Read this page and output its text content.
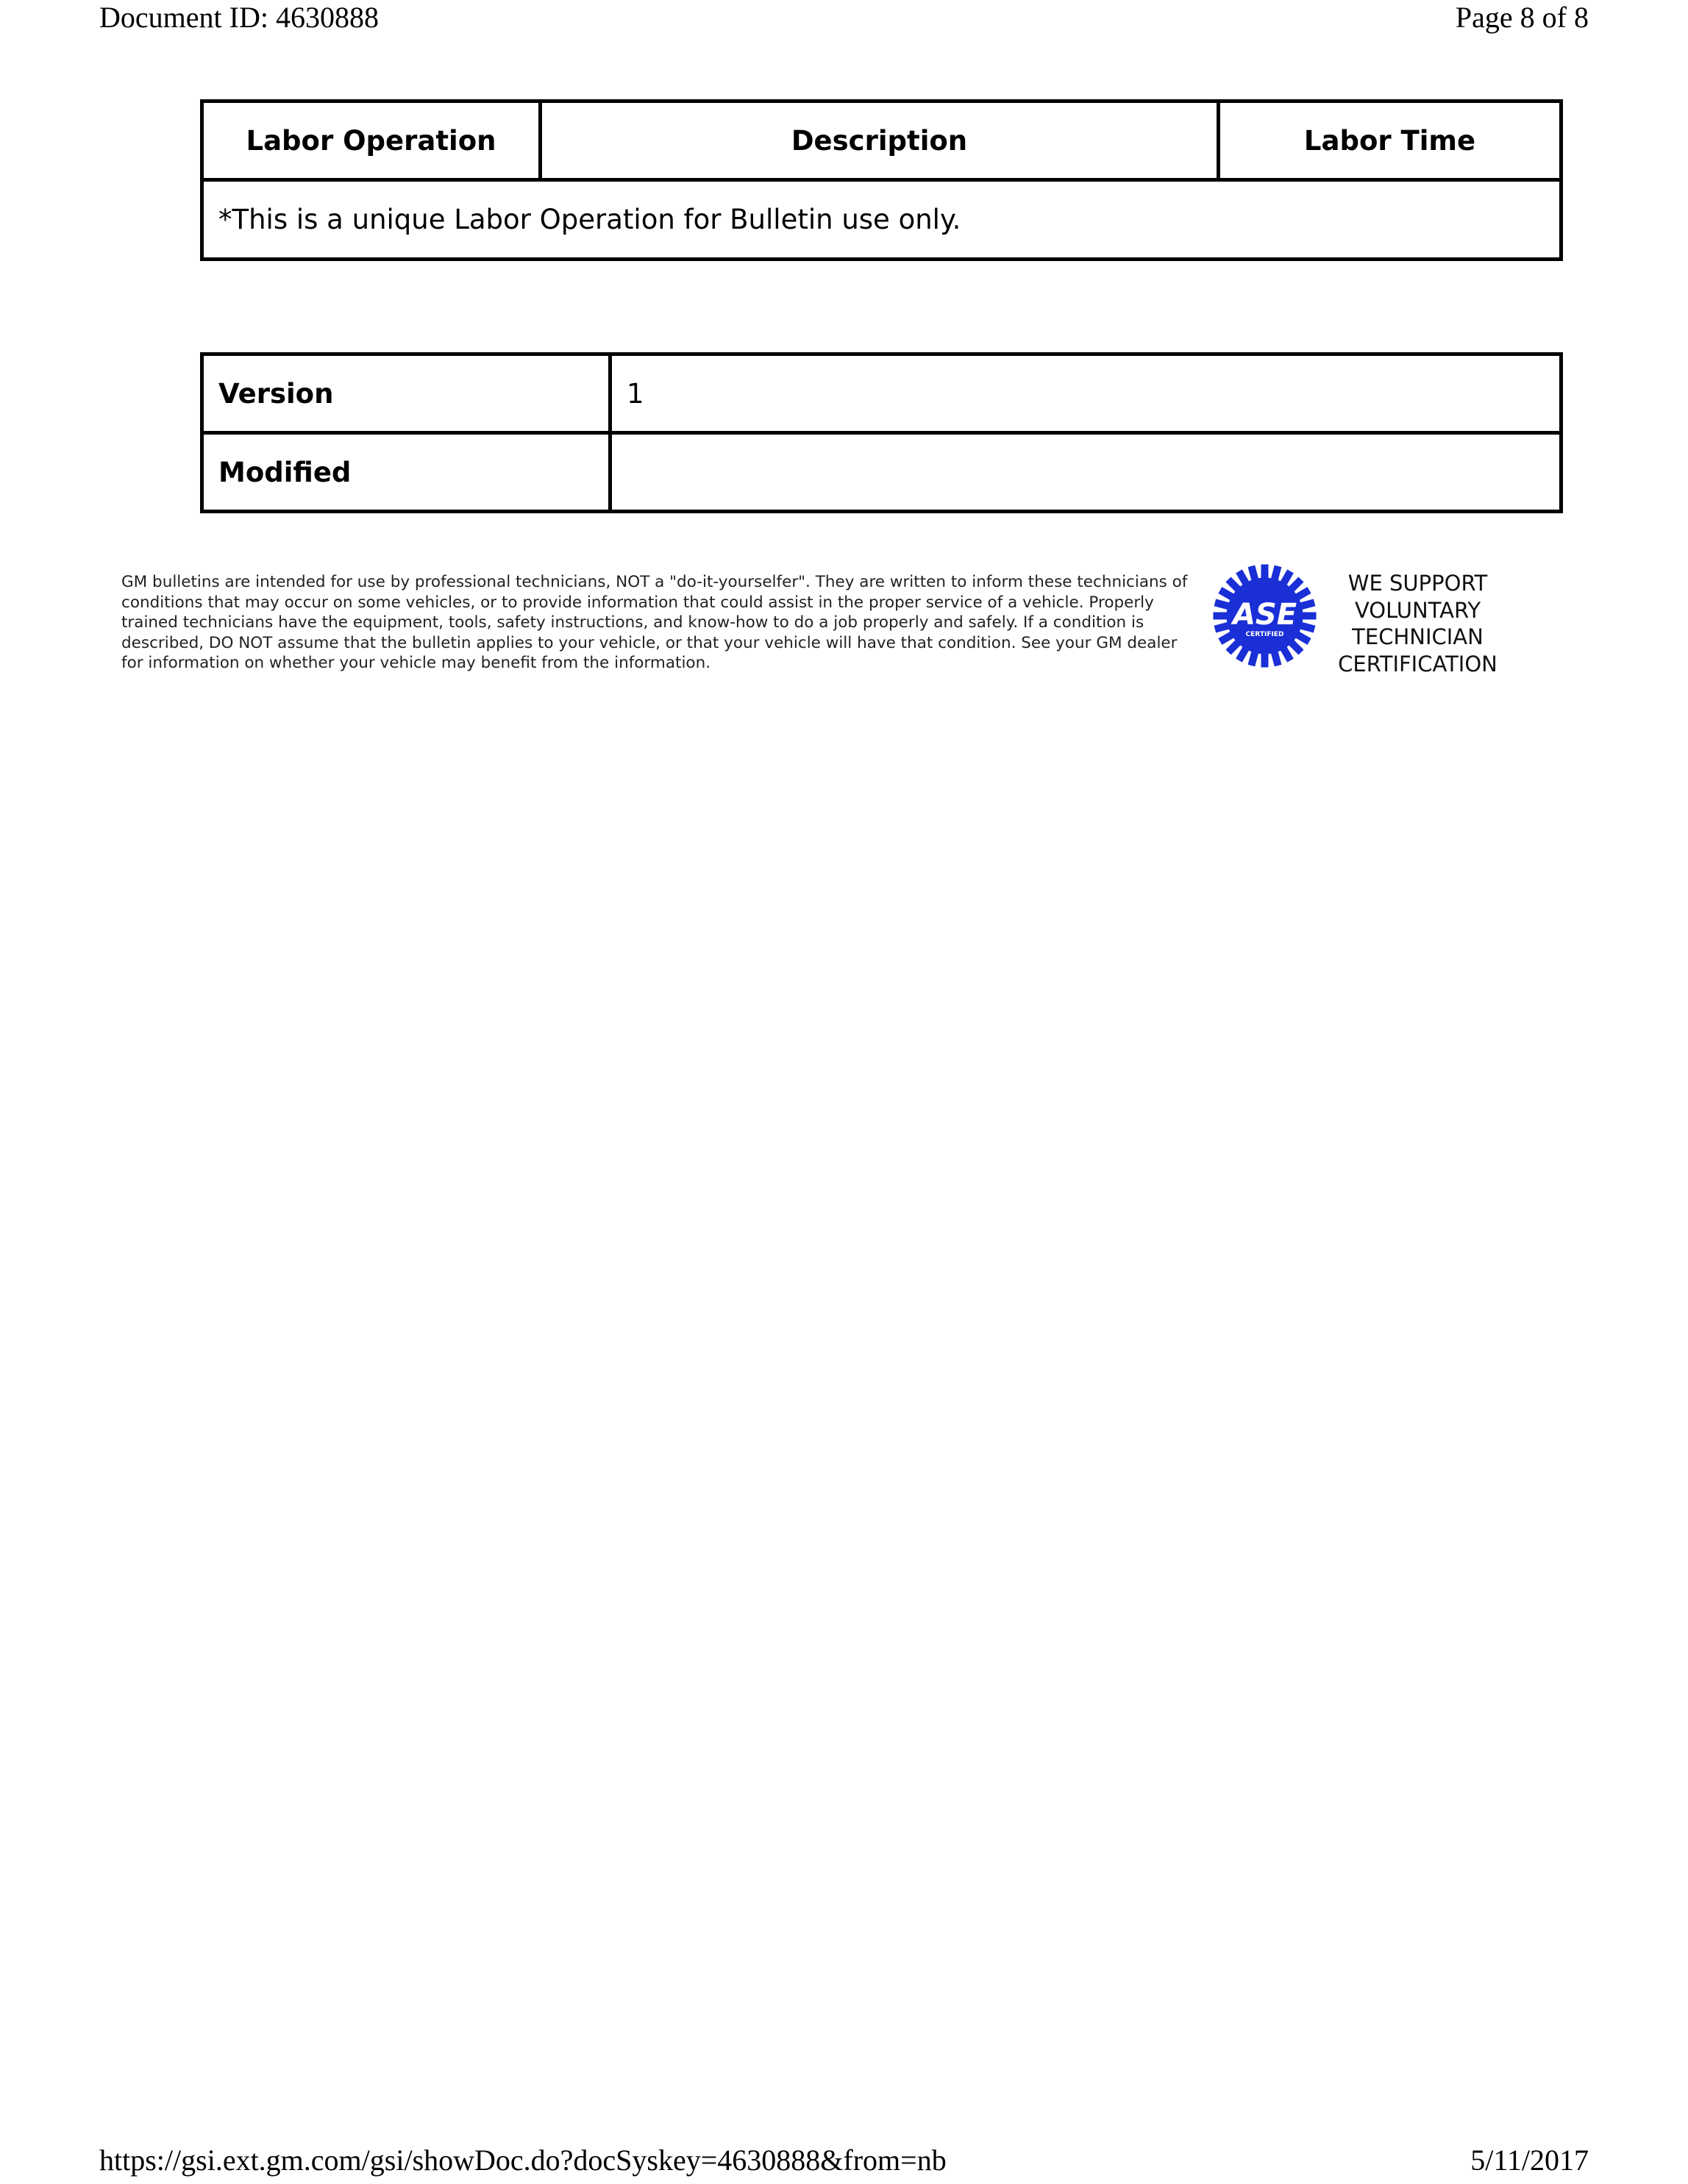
Document ID: 4630888	Page 8 of 8
Labor Operation	Description	Labor Time
*This is a unique Labor Operation for Bulletin use only.
Version	1
Modified	
GM bulletins are intended for use by professional technicians, NOT a "do-it-yourselfer". They are written to inform these technicians of conditions that may occur on some vehicles, or to provide information that could assist in the proper service of a vehicle. Properly trained technicians have the equipment, tools, safety instructions, and know-how to do a job properly and safely. If a condition is described, DO NOT assume that the bulletin applies to your vehicle, or that your vehicle will have that condition. See your GM dealer for information on whether your vehicle may benefit from the information.
ASE
CERTIFIED
WE SUPPORT
VOLUNTARY
TECHNICIAN
CERTIFICATION
https://gsi.ext.gm.com/gsi/showDoc.do?docSyskey=4630888&from=nb	5/11/2017
